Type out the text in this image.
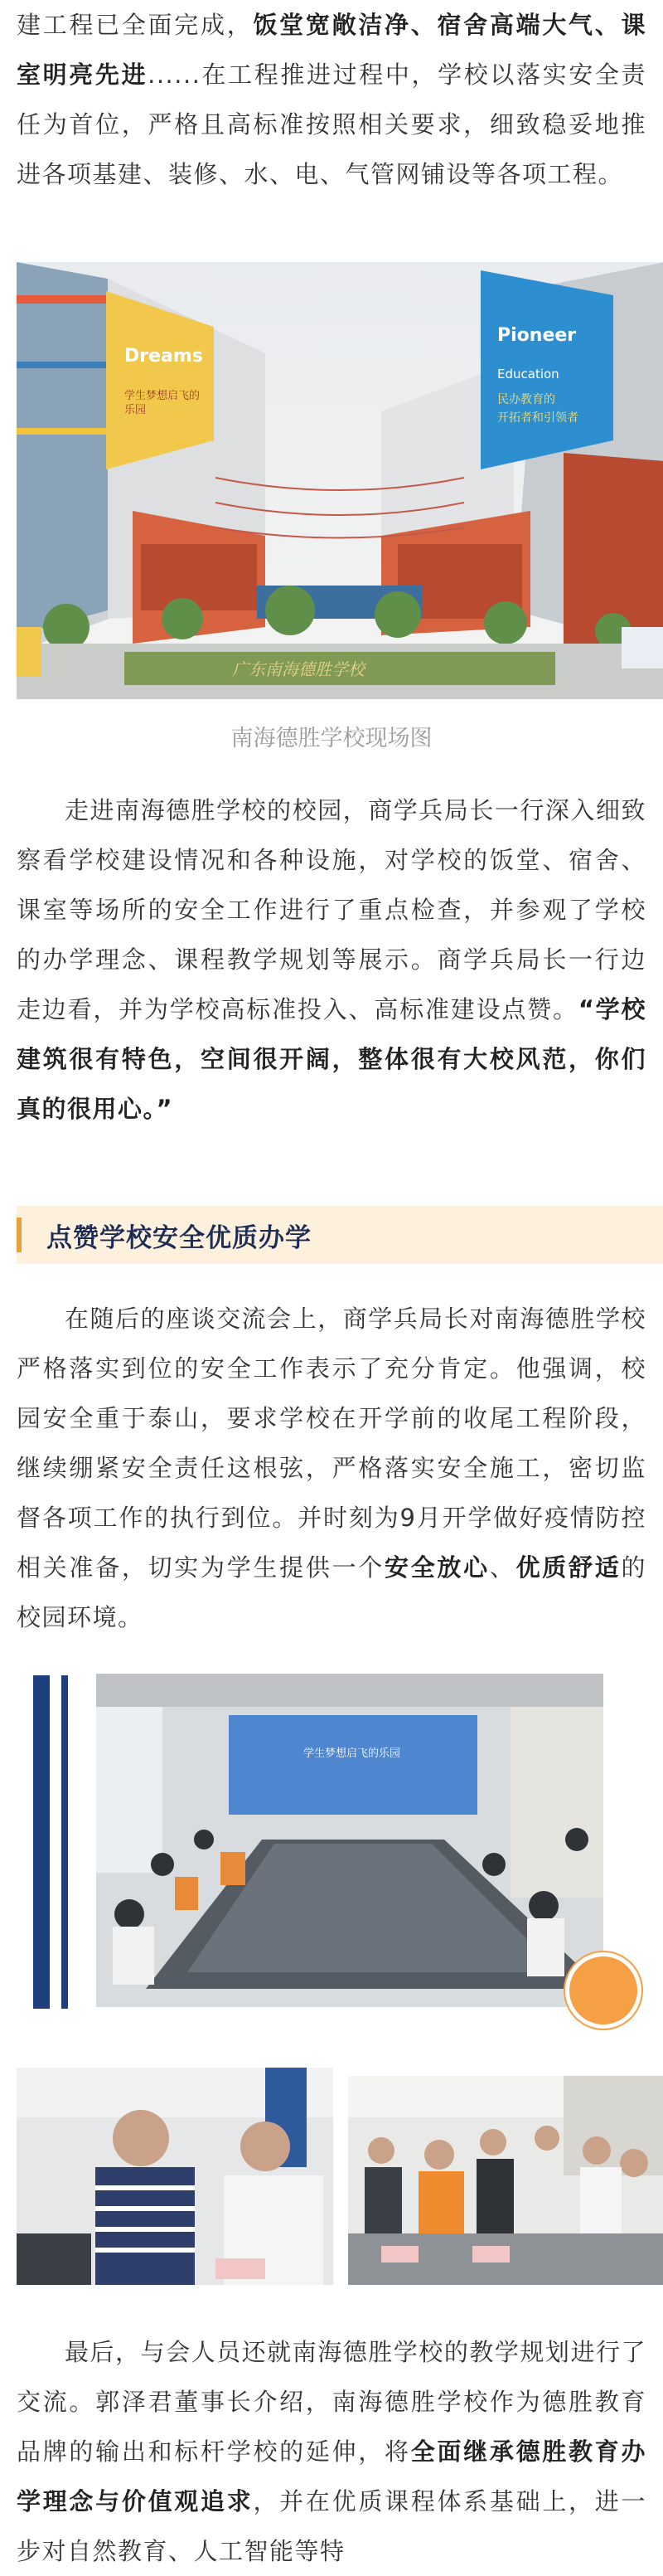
建工程已全面完成，饭堂宽敞洁净、宿舍高端大气、课室明亮先进......在工程推进过程中，学校以落实安全责任为首位，严格且高标准按照相关要求，细致稳妥地推进各项基建、装修、水、电、气管网铺设等各项工程。

Dreams
学生梦想启飞的
乐园
Pioneer
Education
民办教育的
开拓者和引领者
广东南海德胜学校

南海德胜学校现场图

走进南海德胜学校的校园，商学兵局长一行深入细致察看学校建设情况和各种设施，对学校的饭堂、宿舍、课室等场所的安全工作进行了重点检查，并参观了学校的办学理念、课程教学规划等展示。商学兵局长一行边走边看，并为学校高标准投入、高标准建设点赞。“学校建筑很有特色，空间很开阔，整体很有大校风范，你们真的很用心。”

点赞学校安全优质办学

在随后的座谈交流会上，商学兵局长对南海德胜学校严格落实到位的安全工作表示了充分肯定。他强调，校园安全重于泰山，要求学校在开学前的收尾工程阶段，继续绷紧安全责任这根弦，严格落实安全施工，密切监督各项工作的执行到位。并时刻为9月开学做好疫情防控相关准备，切实为学生提供一个安全放心、优质舒适的校园环境。

学生梦想启飞的乐园

最后，与会人员还就南海德胜学校的教学规划进行了交流。郭泽君董事长介绍，南海德胜学校作为德胜教育品牌的输出和标杆学校的延伸，将全面继承德胜教育办学理念与价值观追求，并在优质课程体系基础上，进一步对自然教育、人工智能等特
